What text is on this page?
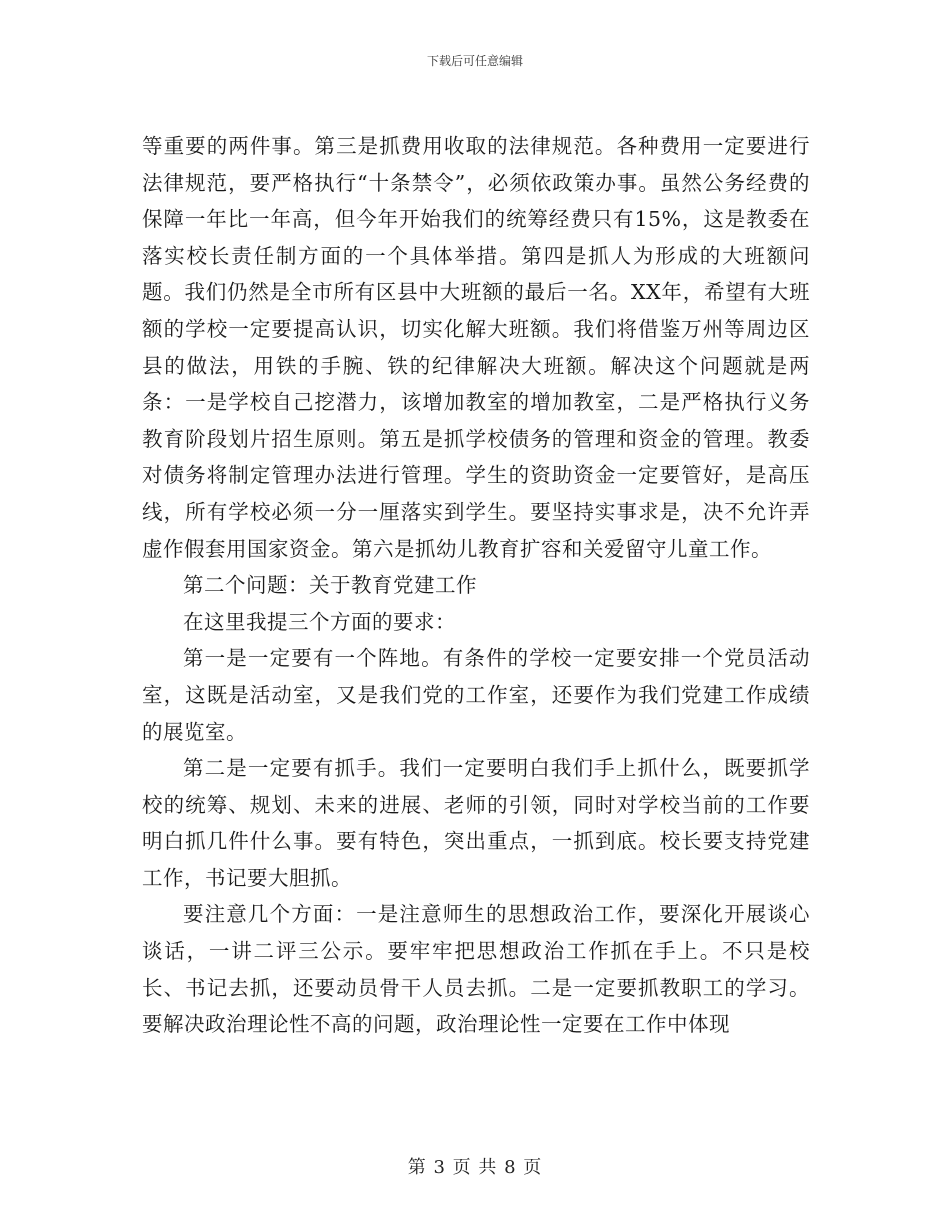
下载后可任意编辑

等重要的两件事。第三是抓费用收取的法律规范。各种费用一定要进行法律规范，要严格执行“十条禁令”，必须依政策办事。虽然公务经费的保障一年比一年高，但今年开始我们的统筹经费只有15%，这是教委在落实校长责任制方面的一个具体举措。第四是抓人为形成的大班额问题。我们仍然是全市所有区县中大班额的最后一名。XX年，希望有大班额的学校一定要提高认识，切实化解大班额。我们将借鉴万州等周边区县的做法，用铁的手腕、铁的纪律解决大班额。解决这个问题就是两条：一是学校自己挖潜力，该增加教室的增加教室，二是严格执行义务教育阶段划片招生原则。第五是抓学校债务的管理和资金的管理。教委对债务将制定管理办法进行管理。学生的资助资金一定要管好，是高压线，所有学校必须一分一厘落实到学生。要坚持实事求是，决不允许弄虚作假套用国家资金。第六是抓幼儿教育扩容和关爱留守儿童工作。

第二个问题：关于教育党建工作

在这里我提三个方面的要求：

第一是一定要有一个阵地。有条件的学校一定要安排一个党员活动室，这既是活动室，又是我们党的工作室，还要作为我们党建工作成绩的展览室。

第二是一定要有抓手。我们一定要明白我们手上抓什么，既要抓学校的统筹、规划、未来的进展、老师的引领，同时对学校当前的工作要明白抓几件什么事。要有特色，突出重点，一抓到底。校长要支持党建工作，书记要大胆抓。

要注意几个方面：一是注意师生的思想政治工作，要深化开展谈心谈话，一讲二评三公示。要牢牢把思想政治工作抓在手上。不只是校长、书记去抓，还要动员骨干人员去抓。二是一定要抓教职工的学习。要解决政治理论性不高的问题，政治理论性一定要在工作中体现

第 3 页 共 8 页
